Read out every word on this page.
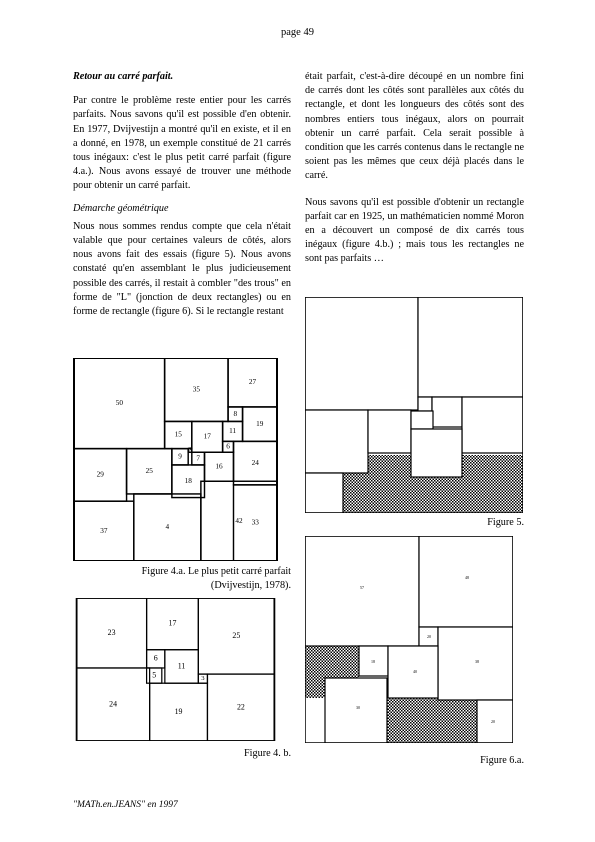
page 49

Retour au carré parfait.

Par contre le problème reste entier pour les carrés parfaits. Nous savons qu'il est possible d'en obtenir. En 1977, Dvijvestijn a montré qu'il en existe, et il en a donné, en 1978, un exemple constitué de 21 carrés tous inégaux: c'est le plus petit carré parfait (figure 4.a.). Nous avons essayé de trouver une méthode pour obtenir un carré parfait.

Démarche géométrique

Nous nous sommes rendus compte que cela n'était valable que pour certaines valeurs de côtés, alors nous avons fait des essais (figure 5). Nous avons constaté qu'en assemblant le plus judicieusement possible des carrés, il restait à combler "des trous" en forme de "L" (jonction de deux rectangles) ou en forme de rectangle (figure 6). Si le rectangle restant

était parfait, c'est-à-dire découpé en un nombre fini de carrés dont les côtés sont parallèles aux côtés du rectangle, et dont les longueurs des côtés sont des nombres entiers tous inégaux, alors on pourrait obtenir un carré parfait. Cela serait possible à condition que les carrés contenus dans le rectangle ne soient pas les mêmes que ceux déjà placés dans le carré.

Nous savons qu'il est possible d'obtenir un rectangle parfait car en 1925, un mathématicien nommé Moron en a découvert un composé de dix carrés tous inégaux (figure 4.b.) ; mais tous les rectangles ne sont pas parfaits …

50
35
27
8
19
15	17
11
6
24
29	25
9
2
7
18
16
42
37	4
33
Figure 4.a. Le plus petit carré parfait
(Dvijvestijn, 1978).
23
17
25
6
11
5	3
24
19
22
Figure 4. b.
Figure 5.
57
48
20
18
40
38
30
20
Figure 6.a.
"MATh.en.JEANS" en 1997
